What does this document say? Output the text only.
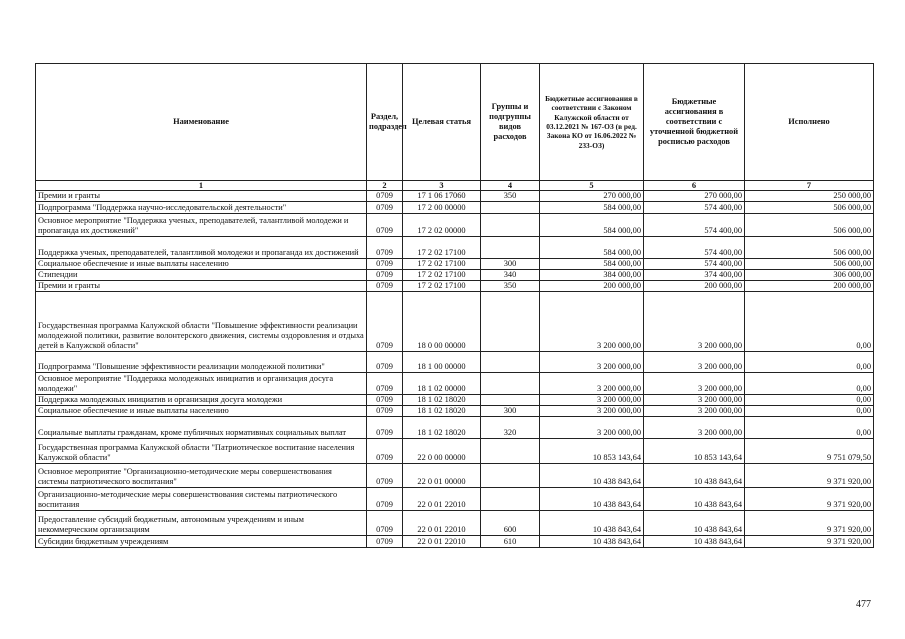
Наименование	Раздел, подраздел	Целевая статья	Группы и подгруппы видов расходов	Бюджетные ассигнования в соответствии с Законом Калужской области от 03.12.2021 № 167-ОЗ (в ред. Закона КО от 16.06.2022 № 233-ОЗ)	Бюджетные ассигнования в соответствии с уточненной бюджетной росписью расходов	Исполнено
1	2	3	4	5	6	7
Премии и гранты	0709	17 1 06 17060	350	270 000,00	270 000,00	250 000,00
Подпрограмма "Поддержка научно-исследовательской деятельности"	0709	17 2 00 00000		584 000,00	574 400,00	506 000,00
Основное мероприятие "Поддержка ученых, преподавателей, талантливой молодежи и пропаганда их достижений"	0709	17 2 02 00000		584 000,00	574 400,00	506 000,00
Поддержка ученых, преподавателей, талантливой молодежи и пропаганда их достижений	0709	17 2 02 17100		584 000,00	574 400,00	506 000,00
Социальное обеспечение и иные выплаты населению	0709	17 2 02 17100	300	584 000,00	574 400,00	506 000,00
Стипендии	0709	17 2 02 17100	340	384 000,00	374 400,00	306 000,00
Премии и гранты	0709	17 2 02 17100	350	200 000,00	200 000,00	200 000,00
Государственная программа Калужской области "Повышение эффективности реализации молодежной политики, развитие волонтерского движения, системы оздоровления и отдыха детей в Калужской области"	0709	18 0 00 00000		3 200 000,00	3 200 000,00	0,00
Подпрограмма "Повышение эффективности реализации молодежной политики"	0709	18 1 00 00000		3 200 000,00	3 200 000,00	0,00
Основное мероприятие "Поддержка молодежных инициатив и организация досуга молодежи"	0709	18 1 02 00000		3 200 000,00	3 200 000,00	0,00
Поддержка молодежных инициатив и организация досуга молодежи	0709	18 1 02 18020		3 200 000,00	3 200 000,00	0,00
Социальное обеспечение и иные выплаты населению	0709	18 1 02 18020	300	3 200 000,00	3 200 000,00	0,00
Социальные выплаты гражданам, кроме публичных нормативных социальных выплат	0709	18 1 02 18020	320	3 200 000,00	3 200 000,00	0,00
Государственная программа Калужской области "Патриотическое воспитание населения Калужской области"	0709	22 0 00 00000		10 853 143,64	10 853 143,64	9 751 079,50
Основное мероприятие "Организационно-методические меры совершенствования системы патриотического воспитания"	0709	22 0 01 00000		10 438 843,64	10 438 843,64	9 371 920,00
Организационно-методические меры совершенствования системы патриотического воспитания	0709	22 0 01 22010		10 438 843,64	10 438 843,64	9 371 920,00
Предоставление субсидий бюджетным, автономным учреждениям и иным некоммерческим организациям	0709	22 0 01 22010	600	10 438 843,64	10 438 843,64	9 371 920,00
Субсидии бюджетным учреждениям	0709	22 0 01 22010	610	10 438 843,64	10 438 843,64	9 371 920,00
477
